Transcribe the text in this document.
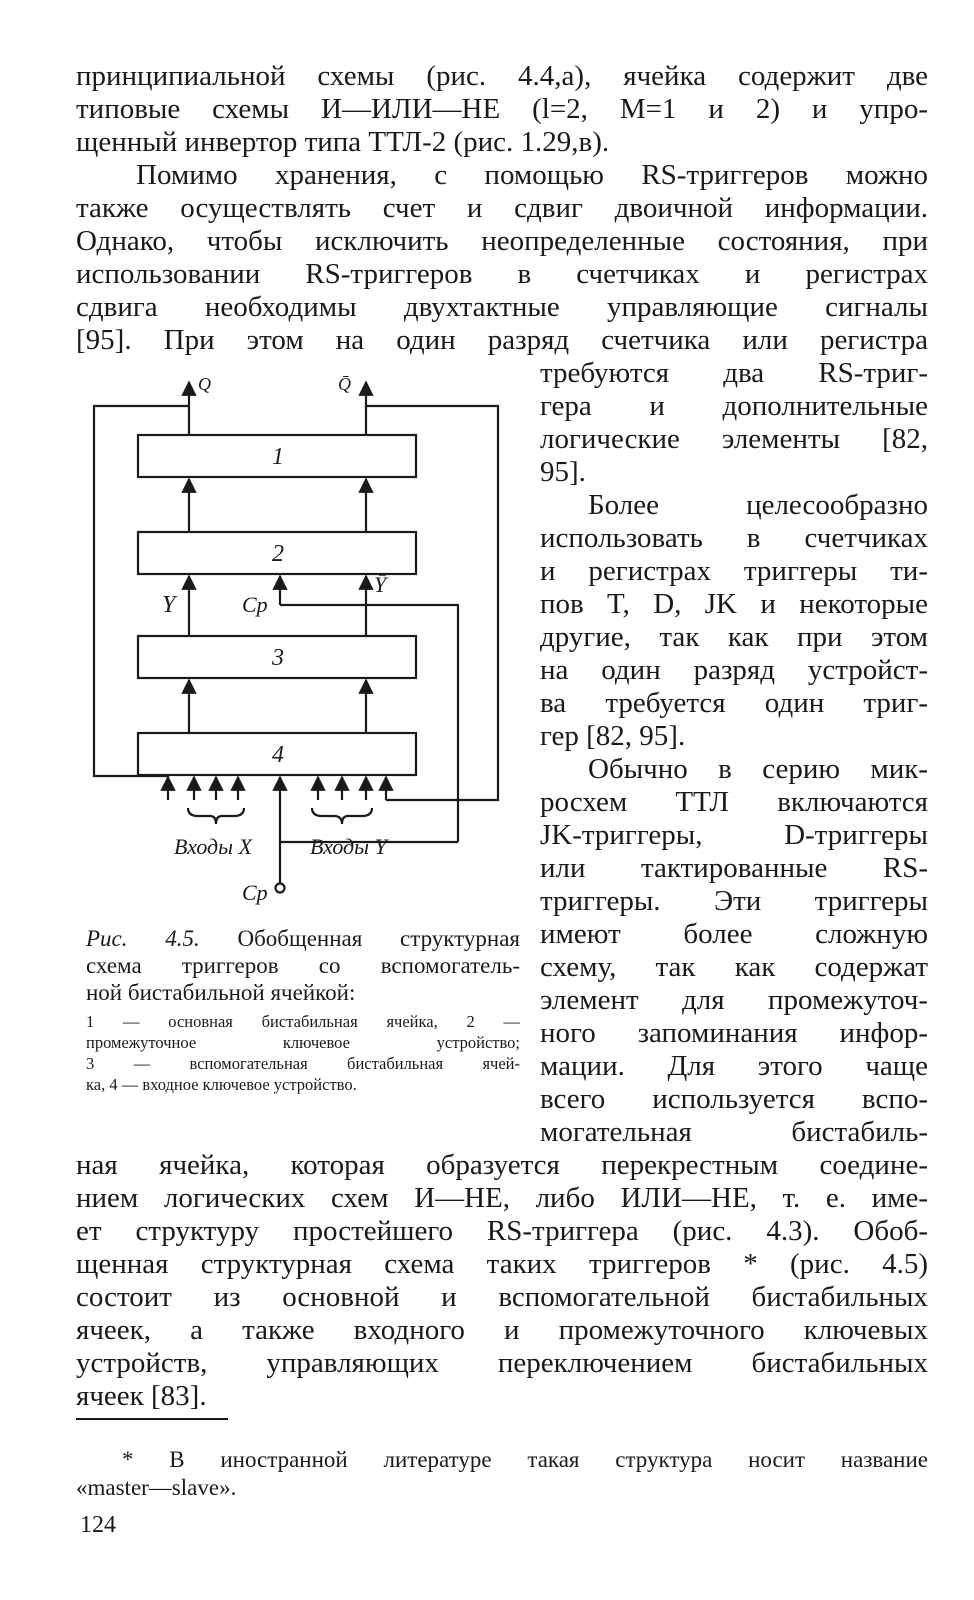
принципиальной схемы (рис. 4.4,а), ячейка содержит две
типовые схемы И—ИЛИ—НЕ (l=2, M=1 и 2) и упро-
щенный инвертор типа ТТЛ-2 (рис. 1.29,в).
Помимо хранения, с помощью RS-триггеров можно
также осуществлять счет и сдвиг двоичной информации.
Однако, чтобы исключить неопределенные состояния, при
использовании RS-триггеров в счетчиках и регистрах
сдвига необходимы двухтактные управляющие сигналы
[95]. При этом на один разряд счетчика или регистра
требуются два RS-триг-
гера и дополнительные
логические элементы [82,
95].
Более целесообразно
использовать в счетчиках
и регистрах триггеры ти-
пов T, D, JK и некоторые
другие, так как при этом
на один разряд устройст-
ва требуется один триг-
гер [82, 95].
Обычно в серию мик-
росхем ТТЛ включаются
JK-триггеры, D-триггеры
или тактированные RS-
триггеры. Эти триггеры
имеют более сложную
схему, так как содержат
элемент для промежуточ-
ного запоминания инфор-
мации. Для этого чаще
всего используется вспо-
могательная бистабиль-
1
2
3
4
Q	Q̄
Y	Cp
Ȳ
Входы X	Входы Y
Cp
Рис. 4.5. Обобщенная структурная
схема триггеров со вспомогатель-
ной бистабильной ячейкой:
1 — основная бистабильная ячейка, 2 —
промежуточное ключевое устройство;
3 — вспомогательная бистабильная ячей-
ка, 4 — входное ключевое устройство.
ная ячейка, которая образуется перекрестным соедине-
нием логических схем И—НЕ, либо ИЛИ—НЕ, т. е. име-
ет структуру простейшего RS-триггера (рис. 4.3). Обоб-
щенная структурная схема таких триггеров * (рис. 4.5)
состоит из основной и вспомогательной бистабильных
ячеек, а также входного и промежуточного ключевых
устройств, управляющих переключением бистабильных
ячеек [83].
* В иностранной литературе такая структура носит название
«master—slave».
124
